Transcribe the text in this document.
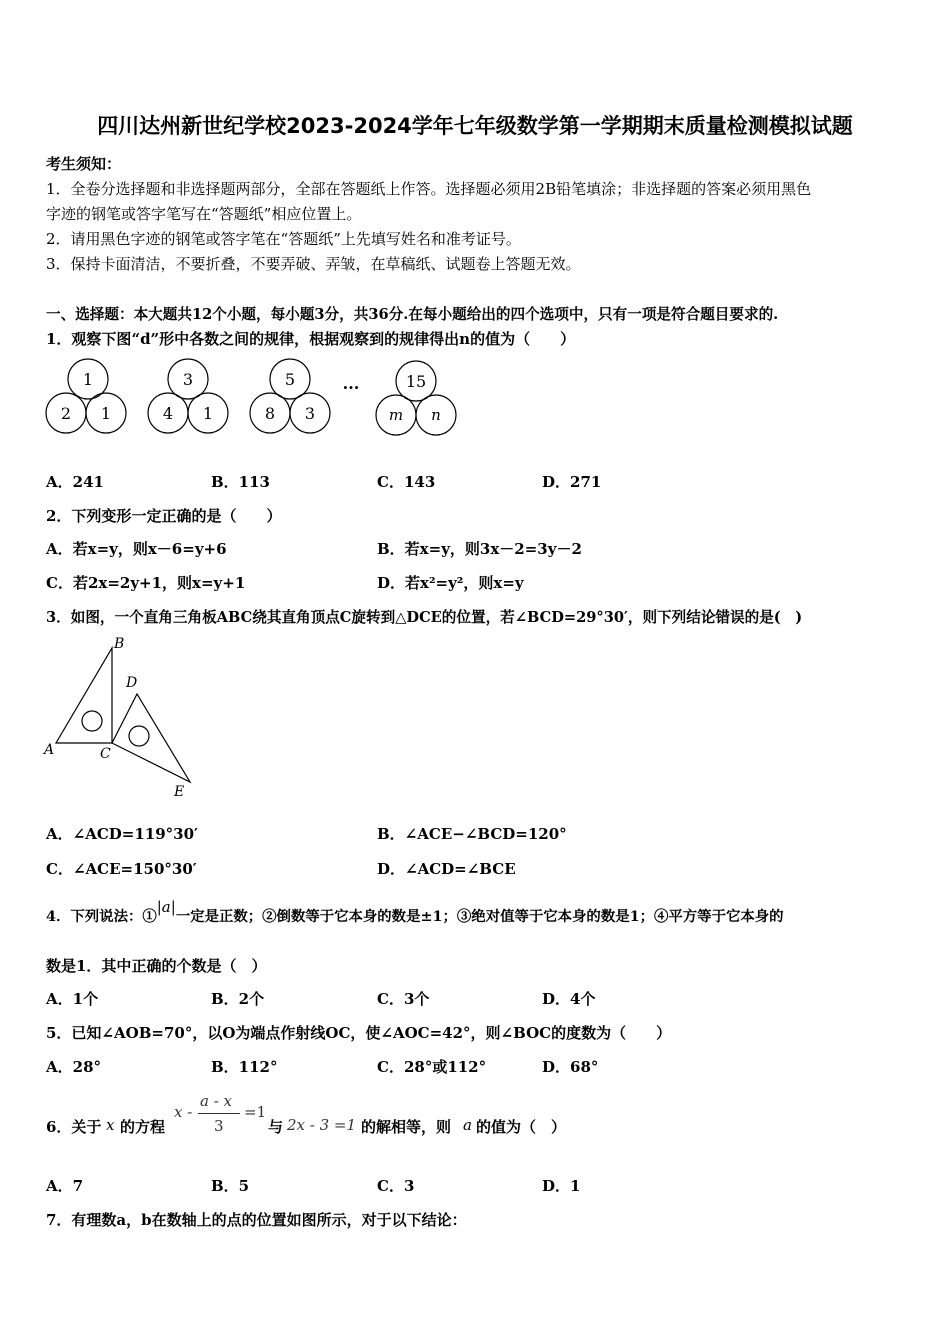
四川达州新世纪学校2023-2024学年七年级数学第一学期期末质量检测模拟试题
考生须知：
1．全卷分选择题和非选择题两部分，全部在答题纸上作答。选择题必须用2B铅笔填涂；非选择题的答案必须用黑色
字迹的钢笔或答字笔写在“答题纸”相应位置上。
2．请用黑色字迹的钢笔或答字笔在“答题纸”上先填写姓名和准考证号。
3．保持卡面清洁，不要折叠，不要弄破、弄皱，在草稿纸、试题卷上答题无效。
一、选择题：本大题共12个小题，每小题3分，共36分.在每小题给出的四个选项中，只有一项是符合题目要求的.
1．观察下图“d”形中各数之间的规律，根据观察到的规律得出n的值为（　　）
1
2 1
3
4 1
5
8 3
···	15
m n
A．241	B．113	C．143	D．271
2．下列变形一定正确的是（　　）
A．若x=y，则x－6=y+6	B．若x=y，则3x－2=3y－2
C．若2x=2y+1，则x=y+1	D．若x²=y²，则x=y
3．如图，一个直角三角板ABC绕其直角顶点C旋转到△DCE的位置，若∠BCD=29°30′，则下列结论错误的是(　)
B
D
A	C
E
A．∠ACD=119°30′	B．∠ACE−∠BCD=120°
C．∠ACE=150°30′	D．∠ACD=∠BCE
4．下列说法：①|a|一定是正数；②倒数等于它本身的数是±1；③绝对值等于它本身的数是1；④平方等于它本身的
数是1．其中正确的个数是（　）
A．1个	B．2个	C．3个	D．4个
5．已知∠AOB=70°，以O为端点作射线OC，使∠AOC=42°，则∠BOC的度数为（　　）
A．28°	B．112°	C．28°或112°	D．68°
6．关于 x 的方程
x -
a - x
3
=1
与 2x - 3 =1 的解相等，则 a 的值为（　）
A．7	B．5	C．3	D．1
7．有理数a，b在数轴上的点的位置如图所示，对于以下结论：
